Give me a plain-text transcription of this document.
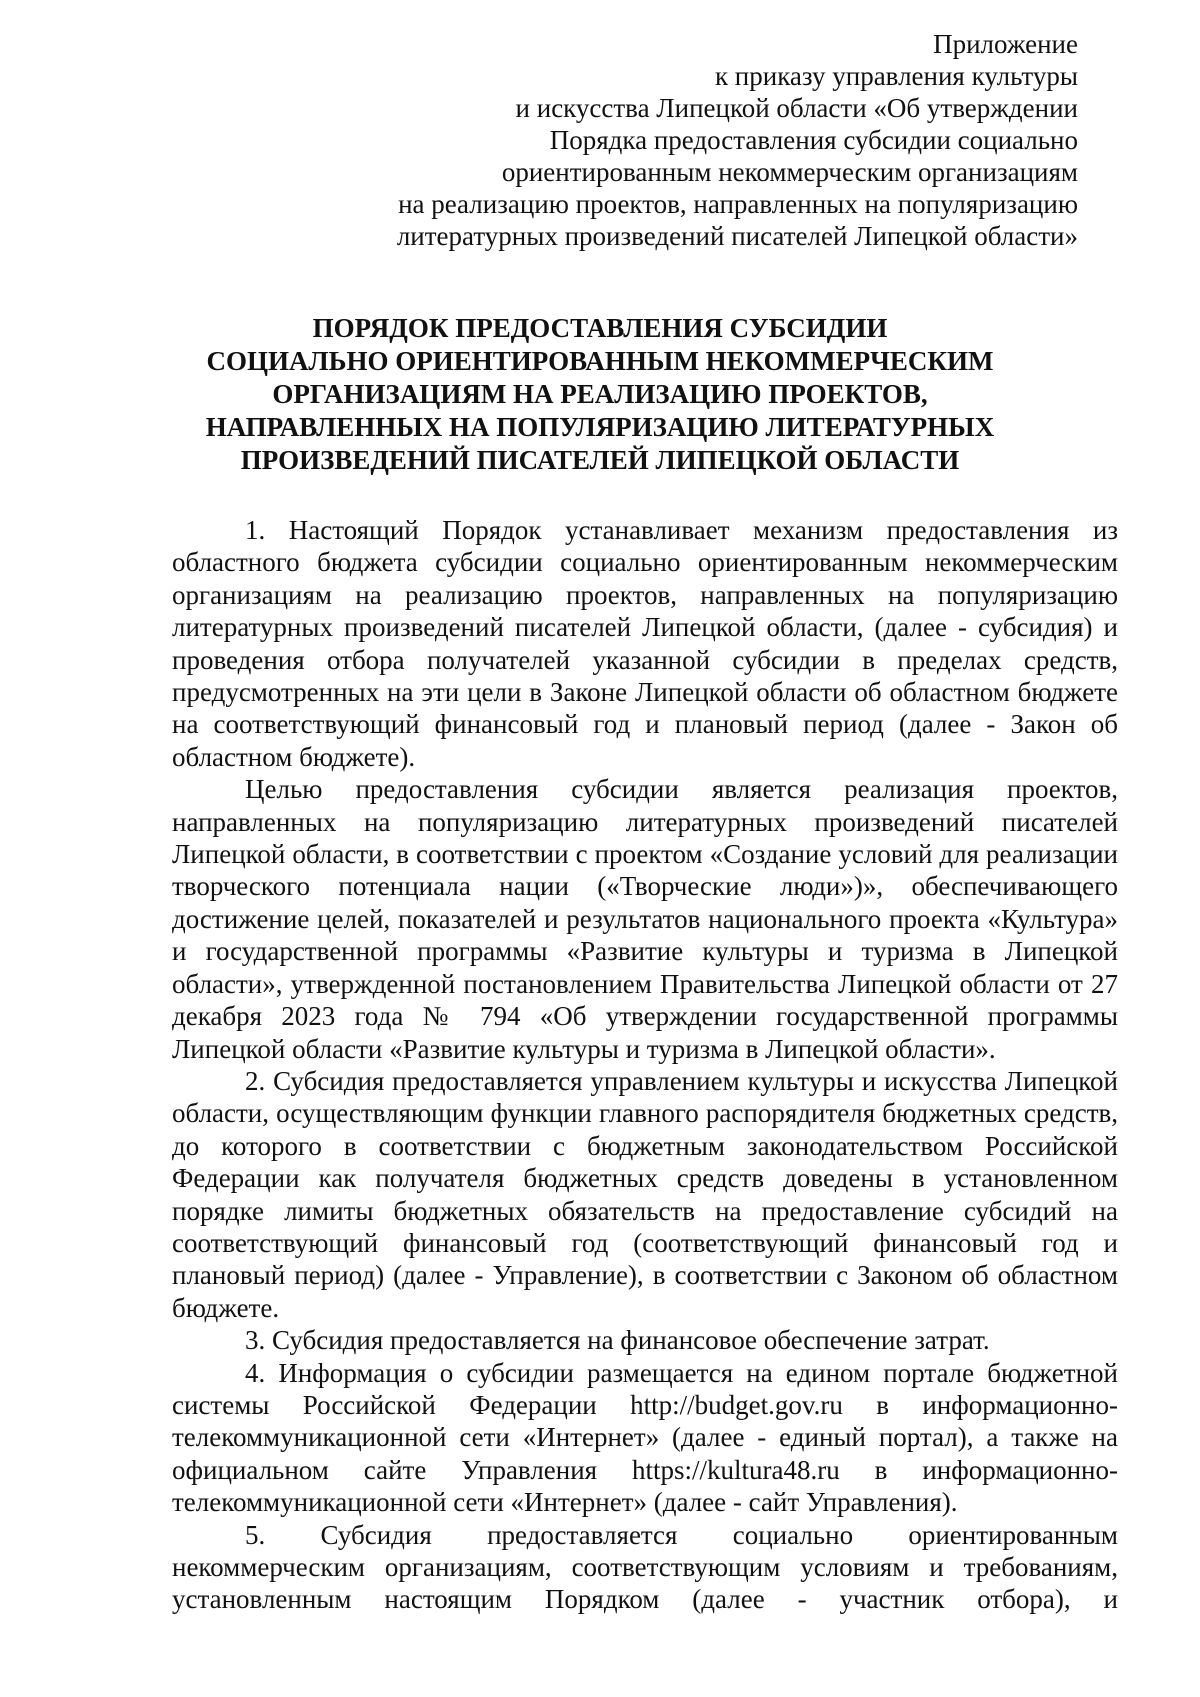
Приложение
к приказу управления культуры
и искусства Липецкой области «Об утверждении
Порядка предоставления субсидии социально
ориентированным некоммерческим организациям
на реализацию проектов, направленных на популяризацию
литературных произведений писателей Липецкой области»
ПОРЯДОК ПРЕДОСТАВЛЕНИЯ СУБСИДИИ
СОЦИАЛЬНО ОРИЕНТИРОВАННЫМ НЕКОММЕРЧЕСКИМ
ОРГАНИЗАЦИЯМ НА РЕАЛИЗАЦИЮ ПРОЕКТОВ,
НАПРАВЛЕННЫХ НА ПОПУЛЯРИЗАЦИЮ ЛИТЕРАТУРНЫХ
ПРОИЗВЕДЕНИЙ ПИСАТЕЛЕЙ ЛИПЕЦКОЙ ОБЛАСТИ

1. Настоящий Порядок устанавливает механизм предоставления из областного бюджета субсидии социально ориентированным некоммерческим организациям на реализацию проектов, направленных на популяризацию литературных произведений писателей Липецкой области, (далее - субсидия) и проведения отбора получателей указанной субсидии в пределах средств, предусмотренных на эти цели в Законе Липецкой области об областном бюджете на соответствующий финансовый год и плановый период (далее - Закон об областном бюджете).

Целью предоставления субсидии является реализация проектов, направленных на популяризацию литературных произведений писателей Липецкой области, в соответствии с проектом «Создание условий для реализации творческого потенциала нации («Творческие люди»)», обеспечивающего достижение целей, показателей и результатов национального проекта «Культура» и государственной программы «Развитие культуры и туризма в Липецкой области», утвержденной постановлением Правительства Липецкой области от 27 декабря 2023 года № 794 «Об утверждении государственной программы Липецкой области «Развитие культуры и туризма в Липецкой области».

2. Субсидия предоставляется управлением культуры и искусства Липецкой области, осуществляющим функции главного распорядителя бюджетных средств, до которого в соответствии с бюджетным законодательством Российской Федерации как получателя бюджетных средств доведены в установленном порядке лимиты бюджетных обязательств на предоставление субсидий на соответствующий финансовый год (соответствующий финансовый год и плановый период) (далее - Управление), в соответствии с Законом об областном бюджете.

3. Субсидия предоставляется на финансовое обеспечение затрат.

4. Информация о субсидии размещается на едином портале бюджетной системы Российской Федерации http://budget.gov.ru в информационно-телекоммуникационной сети «Интернет» (далее - единый портал), а также на официальном сайте Управления https://kultura48.ru в информационно-телекоммуникационной сети «Интернет» (далее - сайт Управления).

5. Субсидия предоставляется социально ориентированным некоммерческим организациям, соответствующим условиям и требованиям, установленным настоящим Порядком (далее - участник отбора), и
